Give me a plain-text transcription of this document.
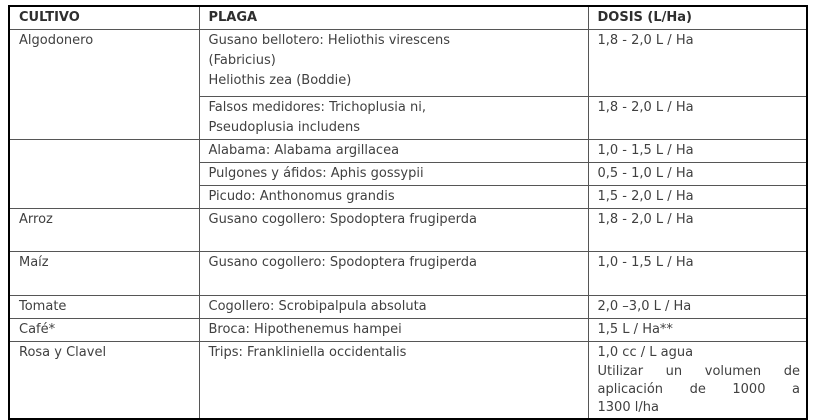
CULTIVO	PLAGA	DOSIS (L/Ha)

Algodonero	Gusano bellotero: Heliothis virescens
(Fabricius)
Heliothis zea (Boddie)	1,8 - 2,0 L / Ha

	Falsos medidores: Trichoplusia ni,
Pseudoplusia includens	1,8 - 2,0 L / Ha

	Alabama: Alabama argillacea	1,0 - 1,5 L / Ha

	Pulgones y áfidos: Aphis gossypii	0,5 - 1,0 L / Ha

	Picudo: Anthonomus grandis	1,5 - 2,0 L / Ha

Arroz	Gusano cogollero: Spodoptera frugiperda	1,8 - 2,0 L / Ha

Maíz	Gusano cogollero: Spodoptera frugiperda	1,0 - 1,5 L / Ha

Tomate	Cogollero: Scrobipalpula absoluta	2,0 –3,0 L / Ha

Café*	Broca: Hipothenemus hampei	1,5 L / Ha**

Rosa y Clavel	Trips: Frankliniella occidentalis	1,0 cc / L agua
Utilizar un volumen de
aplicación de 1000 a
1300 l/ha
